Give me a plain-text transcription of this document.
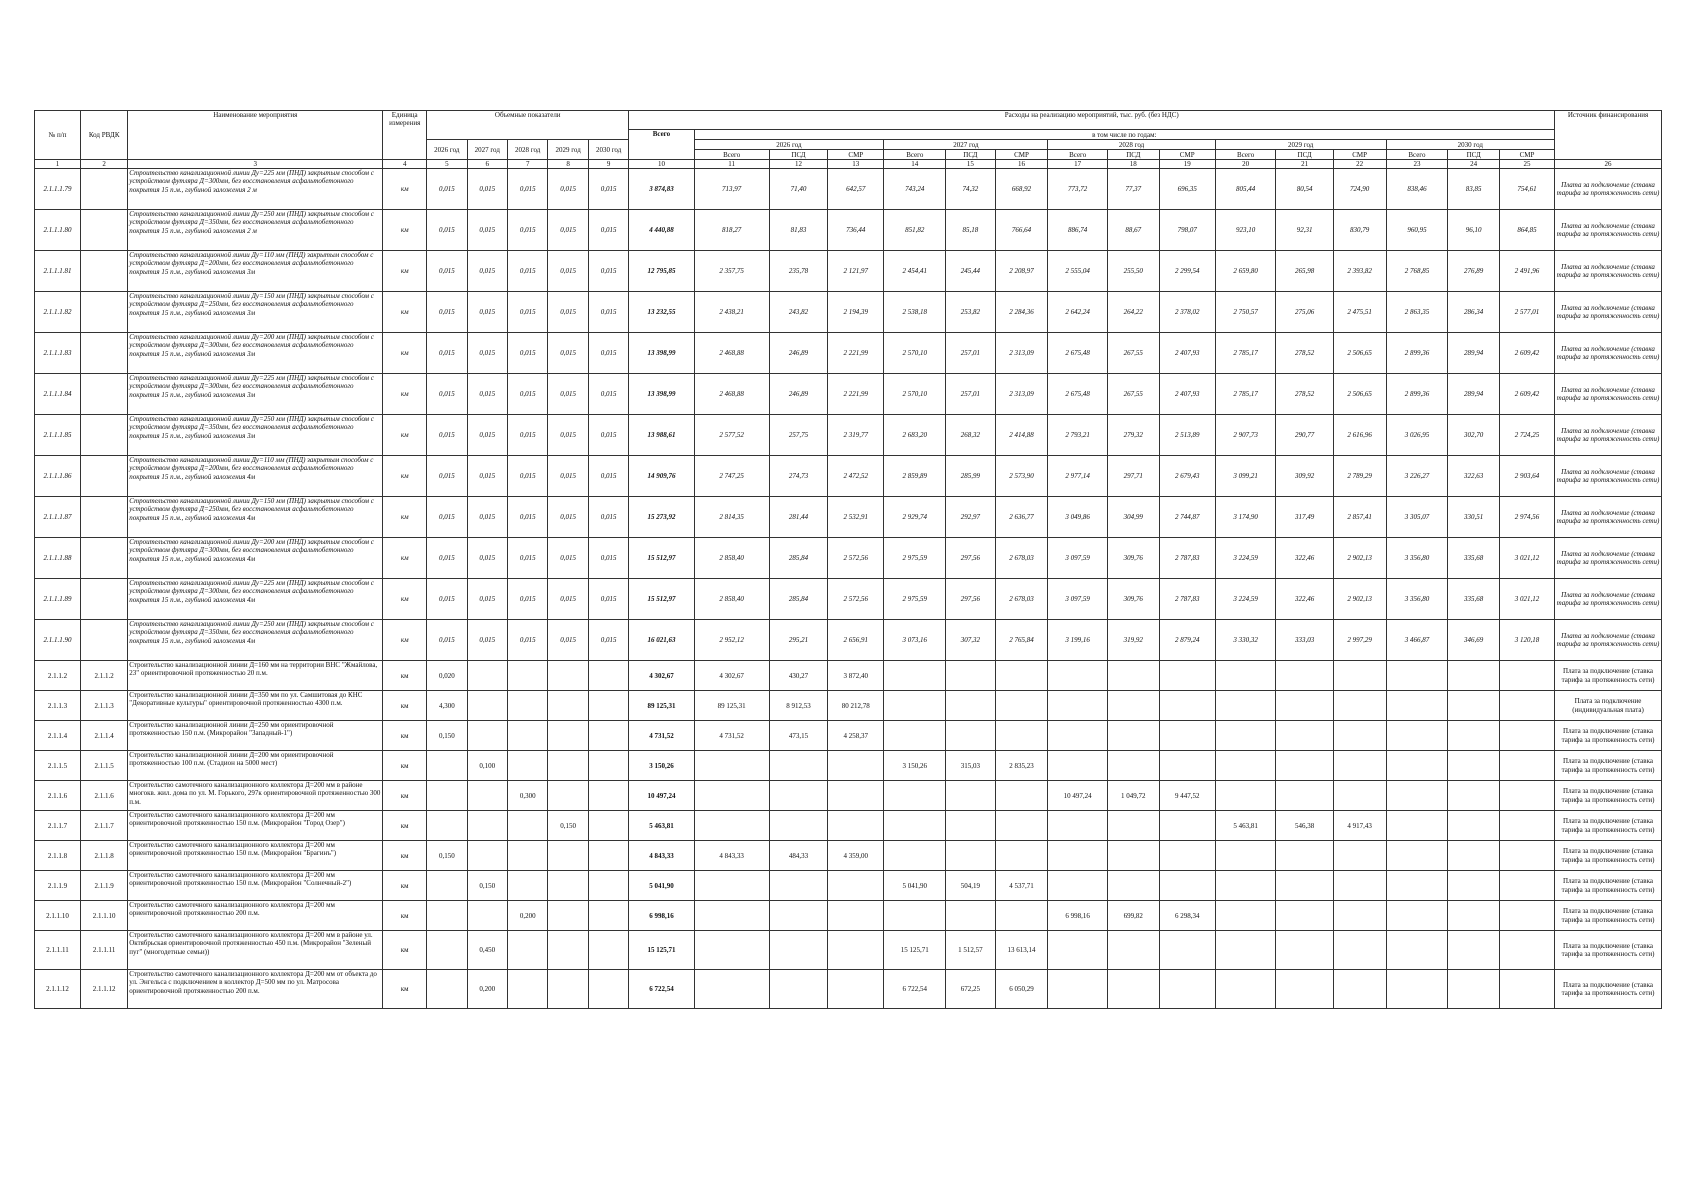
№ п/п	Код РВДК	Наименование мероприятия	Единица измерения	Объемные показатели					Расходы на реализацию мероприятий, тыс. руб. (без НДС)																Источник финансирования
									Всего	в том числе по годам:															
				2026 год	2027 год	2028 год	2029 год	2030 год		2026 год			2027 год			2028 год			2029 год			2030 год			
										Всего	ПСД	СМР	Всего	ПСД	СМР	Всего	ПСД	СМР	Всего	ПСД	СМР	Всего	ПСД	СМР	
1	2	3	4	5	6	7	8	9	10	11	12	13	14	15	16	17	18	19	20	21	22	23	24	25	26
2.1.1.1.79		Строительство канализационной линии Ду=225 мм (ПНД) закрытым способом с устройством футляра Д=300мм, без восстановления асфальтобетонного покрытия 15 п.м., глубиной заложения 2 м	км	0,015	0,015	0,015	0,015	0,015	3 874,83	713,97	71,40	642,57	743,24	74,32	668,92	773,72	77,37	696,35	805,44	80,54	724,90	838,46	83,85	754,61	Плата за подключение (ставка тарифа за протяженность сети)
2.1.1.1.80		Строительство канализационной линии Ду=250 мм (ПНД) закрытым способом с устройством футляра Д=350мм, без восстановления асфальтобетонного покрытия 15 п.м., глубиной заложения 2 м	км	0,015	0,015	0,015	0,015	0,015	4 440,88	818,27	81,83	736,44	851,82	85,18	766,64	886,74	88,67	798,07	923,10	92,31	830,79	960,95	96,10	864,85	Плата за подключение (ставка тарифа за протяженность сети)
2.1.1.1.81		Строительство канализационной линии Ду=110 мм (ПНД) закрытым способом с устройством футляра Д=200мм, без восстановления асфальтобетонного покрытия 15 п.м., глубиной заложения 3м	км	0,015	0,015	0,015	0,015	0,015	12 795,85	2 357,75	235,78	2 121,97	2 454,41	245,44	2 208,97	2 555,04	255,50	2 299,54	2 659,80	265,98	2 393,82	2 768,85	276,89	2 491,96	Плата за подключение (ставка тарифа за протяженность сети)
2.1.1.1.82		Строительство канализационной линии Ду=150 мм (ПНД) закрытым способом с устройством футляра Д=250мм, без восстановления асфальтобетонного покрытия 15 п.м., глубиной заложения 3м	км	0,015	0,015	0,015	0,015	0,015	13 232,55	2 438,21	243,82	2 194,39	2 538,18	253,82	2 284,36	2 642,24	264,22	2 378,02	2 750,57	275,06	2 475,51	2 863,35	286,34	2 577,01	Плата за подключение (ставка тарифа за протяженность сети)
2.1.1.1.83		Строительство канализационной линии Ду=200 мм (ПНД) закрытым способом с устройством футляра Д=300мм, без восстановления асфальтобетонного покрытия 15 п.м., глубиной заложения 3м	км	0,015	0,015	0,015	0,015	0,015	13 398,99	2 468,88	246,89	2 221,99	2 570,10	257,01	2 313,09	2 675,48	267,55	2 407,93	2 785,17	278,52	2 506,65	2 899,36	289,94	2 609,42	Плата за подключение (ставка тарифа за протяженность сети)
2.1.1.1.84		Строительство канализационной линии Ду=225 мм (ПНД) закрытым способом с устройством футляра Д=300мм, без восстановления асфальтобетонного покрытия 15 п.м., глубиной заложения 3м	км	0,015	0,015	0,015	0,015	0,015	13 398,99	2 468,88	246,89	2 221,99	2 570,10	257,01	2 313,09	2 675,48	267,55	2 407,93	2 785,17	278,52	2 506,65	2 899,36	289,94	2 609,42	Плата за подключение (ставка тарифа за протяженность сети)
2.1.1.1.85		Строительство канализационной линии Ду=250 мм (ПНД) закрытым способом с устройством футляра Д=350мм, без восстановления асфальтобетонного покрытия 15 п.м., глубиной заложения 3м	км	0,015	0,015	0,015	0,015	0,015	13 988,61	2 577,52	257,75	2 319,77	2 683,20	268,32	2 414,88	2 793,21	279,32	2 513,89	2 907,73	290,77	2 616,96	3 026,95	302,70	2 724,25	Плата за подключение (ставка тарифа за протяженность сети)
2.1.1.1.86		Строительство канализационной линии Ду=110 мм (ПНД) закрытым способом с устройством футляра Д=200мм, без восстановления асфальтобетонного покрытия 15 п.м., глубиной заложения 4м	км	0,015	0,015	0,015	0,015	0,015	14 909,76	2 747,25	274,73	2 472,52	2 859,89	285,99	2 573,90	2 977,14	297,71	2 679,43	3 099,21	309,92	2 789,29	3 226,27	322,63	2 903,64	Плата за подключение (ставка тарифа за протяженность сети)
2.1.1.1.87		Строительство канализационной линии Ду=150 мм (ПНД) закрытым способом с устройством футляра Д=250мм, без восстановления асфальтобетонного покрытия 15 п.м., глубиной заложения 4м	км	0,015	0,015	0,015	0,015	0,015	15 273,92	2 814,35	281,44	2 532,91	2 929,74	292,97	2 636,77	3 049,86	304,99	2 744,87	3 174,90	317,49	2 857,41	3 305,07	330,51	2 974,56	Плата за подключение (ставка тарифа за протяженность сети)
2.1.1.1.88		Строительство канализационной линии Ду=200 мм (ПНД) закрытым способом с устройством футляра Д=300мм, без восстановления асфальтобетонного покрытия 15 п.м., глубиной заложения 4м	км	0,015	0,015	0,015	0,015	0,015	15 512,97	2 858,40	285,84	2 572,56	2 975,59	297,56	2 678,03	3 097,59	309,76	2 787,83	3 224,59	322,46	2 902,13	3 356,80	335,68	3 021,12	Плата за подключение (ставка тарифа за протяженность сети)
2.1.1.1.89		Строительство канализационной линии Ду=225 мм (ПНД) закрытым способом с устройством футляра Д=300мм, без восстановления асфальтобетонного покрытия 15 п.м., глубиной заложения 4м	км	0,015	0,015	0,015	0,015	0,015	15 512,97	2 858,40	285,84	2 572,56	2 975,59	297,56	2 678,03	3 097,59	309,76	2 787,83	3 224,59	322,46	2 902,13	3 356,80	335,68	3 021,12	Плата за подключение (ставка тарифа за протяженность сети)
2.1.1.1.90		Строительство канализационной линии Ду=250 мм (ПНД) закрытым способом с устройством футляра Д=350мм, без восстановления асфальтобетонного покрытия 15 п.м., глубиной заложения 4м	км	0,015	0,015	0,015	0,015	0,015	16 021,63	2 952,12	295,21	2 656,91	3 073,16	307,32	2 765,84	3 199,16	319,92	2 879,24	3 330,32	333,03	2 997,29	3 466,87	346,69	3 120,18	Плата за подключение (ставка тарифа за протяженность сети)
2.1.1.2	2.1.1.2	Строительство канализационной линии Д=160 мм на территории ВНС "Жмайлова, 23" ориентировочной протяженностью 20 п.м.	км	0,020					4 302,67	4 302,67	430,27	3 872,40													Плата за подключение (ставка тарифа за протяженность сети)
2.1.1.3	2.1.1.3	Строительство канализационной линии Д=350 мм по ул. Самшитовая до КНС "Декоративные культуры" ориентировочной протяженностью 4300 п.м.	км	4,300					89 125,31	89 125,31	8 912,53	80 212,78													Плата за подключение (индивидуальная плата)
2.1.1.4	2.1.1.4	Строительство канализационной линии Д=250 мм ориентировочной протяженностью 150 п.м. (Микрорайон "Западный-1")	км	0,150					4 731,52	4 731,52	473,15	4 258,37													Плата за подключение (ставка тарифа за протяженность сети)
2.1.1.5	2.1.1.5	Строительство канализационной линии Д=200 мм ориентировочной протяженностью 100 п.м. (Стадион на 5000 мест)	км		0,100				3 150,26				3 150,26	315,03	2 835,23										Плата за подключение (ставка тарифа за протяженность сети)
2.1.1.6	2.1.1.6	Строительство самотечного канализационного коллектора Д=200 мм в районе многокв. жил. дома по ул. М. Горького, 297к ориентировочной протяженностью 300 п.м.	км			0,300			10 497,24							10 497,24	1 049,72	9 447,52							Плата за подключение (ставка тарифа за протяженность сети)
2.1.1.7	2.1.1.7	Строительство самотечного канализационного коллектора Д=200 мм ориентировочной протяженностью 150 п.м. (Микрорайон "Город Озер")	км				0,150		5 463,81										5 463,81	546,38	4 917,43				Плата за подключение (ставка тарифа за протяженность сети)
2.1.1.8	2.1.1.8	Строительство самотечного канализационного коллектора Д=200 мм ориентировочной протяженностью 150 п.м. (Микрорайон "Брагинъ")	км	0,150					4 843,33	4 843,33	484,33	4 359,00													Плата за подключение (ставка тарифа за протяженность сети)
2.1.1.9	2.1.1.9	Строительство самотечного канализационного коллектора Д=200 мм ориентировочной протяженностью 150 п.м. (Микрорайон "Солнечный-2")	км		0,150				5 041,90				5 041,90	504,19	4 537,71										Плата за подключение (ставка тарифа за протяженность сети)
2.1.1.10	2.1.1.10	Строительство самотечного канализационного коллектора Д=200 мм ориентировочной протяженностью 200 п.м.	км			0,200			6 998,16							6 998,16	699,82	6 298,34							Плата за подключение (ставка тарифа за протяженность сети)
2.1.1.11	2.1.1.11	Строительство самотечного канализационного коллектора Д=200 мм в районе ул. Октябрьская ориентировочной протяженностью 450 п.м. (Микрорайон "Зеленый пуг" (многодетные семьи))	км		0,450				15 125,71				15 125,71	1 512,57	13 613,14										Плата за подключение (ставка тарифа за протяженность сети)
2.1.1.12	2.1.1.12	Строительство самотечного канализационного коллектора Д=200 мм от объекта до ул. Энгельса с подключением в коллектор Д=500 мм по ул. Матросова ориентировочной протяженностью 200 п.м.	км		0,200				6 722,54				6 722,54	672,25	6 050,29										Плата за подключение (ставка тарифа за протяженность сети)
